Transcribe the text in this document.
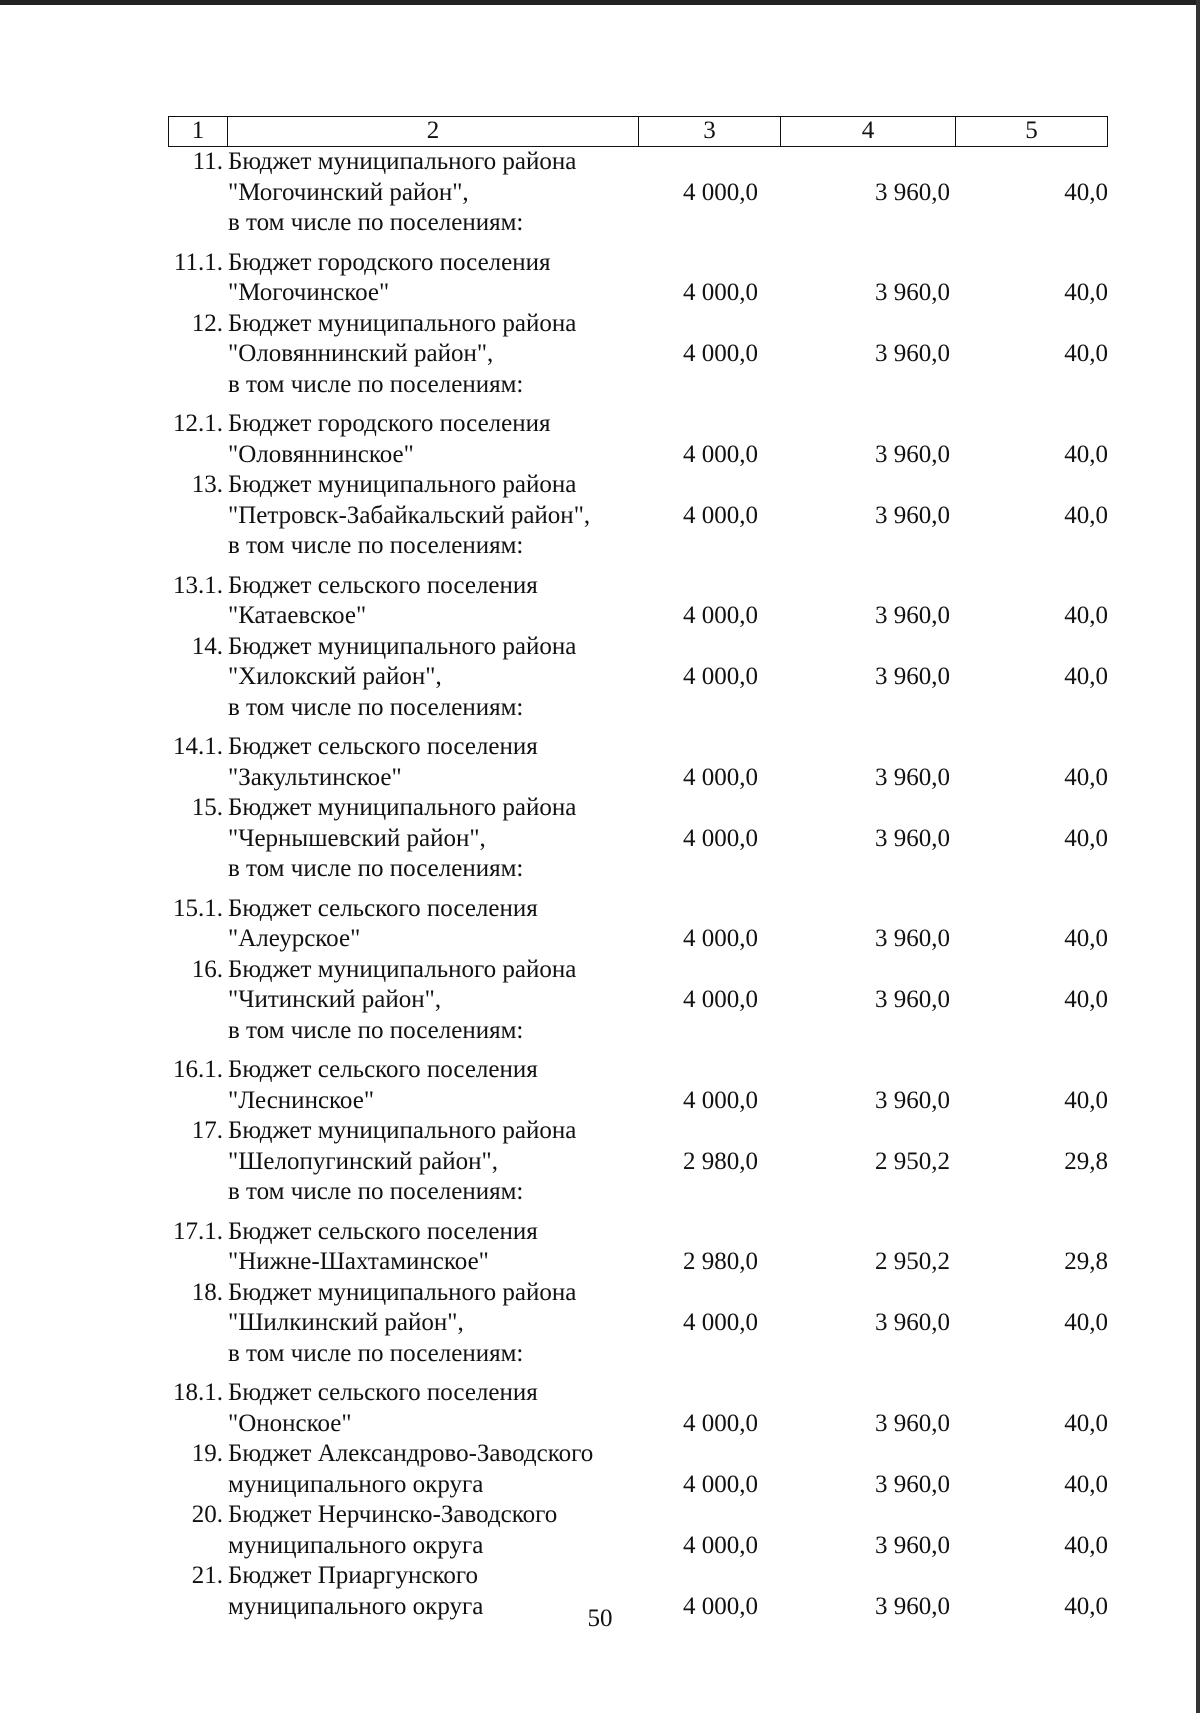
1	2	3	4	5
11. Бюджет муниципального района
"Могочинский район",	4 000,0	3 960,0	40,0
в том числе по поселениям:
11.1. Бюджет городского поселения
"Могочинское"	4 000,0	3 960,0	40,0
12. Бюджет муниципального района
"Оловяннинский район",	4 000,0	3 960,0	40,0
в том числе по поселениям:
12.1. Бюджет городского поселения
"Оловяннинское"	4 000,0	3 960,0	40,0
13. Бюджет муниципального района
"Петровск-Забайкальский район",	4 000,0	3 960,0	40,0
в том числе по поселениям:
13.1. Бюджет сельского поселения
"Катаевское"	4 000,0	3 960,0	40,0
14. Бюджет муниципального района
"Хилокский район",	4 000,0	3 960,0	40,0
в том числе по поселениям:
14.1. Бюджет сельского поселения
"Закультинское"	4 000,0	3 960,0	40,0
15. Бюджет муниципального района
"Чернышевский район",	4 000,0	3 960,0	40,0
в том числе по поселениям:
15.1. Бюджет сельского поселения
"Алеурское"	4 000,0	3 960,0	40,0
16. Бюджет муниципального района
"Читинский район",	4 000,0	3 960,0	40,0
в том числе по поселениям:
16.1. Бюджет сельского поселения
"Леснинское"	4 000,0	3 960,0	40,0
17. Бюджет муниципального района
"Шелопугинский район",	2 980,0	2 950,2	29,8
в том числе по поселениям:
17.1. Бюджет сельского поселения
"Нижне-Шахтаминское"	2 980,0	2 950,2	29,8
18. Бюджет муниципального района
"Шилкинский район",	4 000,0	3 960,0	40,0
в том числе по поселениям:
18.1. Бюджет сельского поселения
"Ононское"	4 000,0	3 960,0	40,0
19. Бюджет Александрово-Заводского
муниципального округа	4 000,0	3 960,0	40,0
20. Бюджет Нерчинско-Заводского
муниципального округа	4 000,0	3 960,0	40,0
21. Бюджет Приаргунского
муниципального округа	4 000,0	3 960,0	40,0
50
